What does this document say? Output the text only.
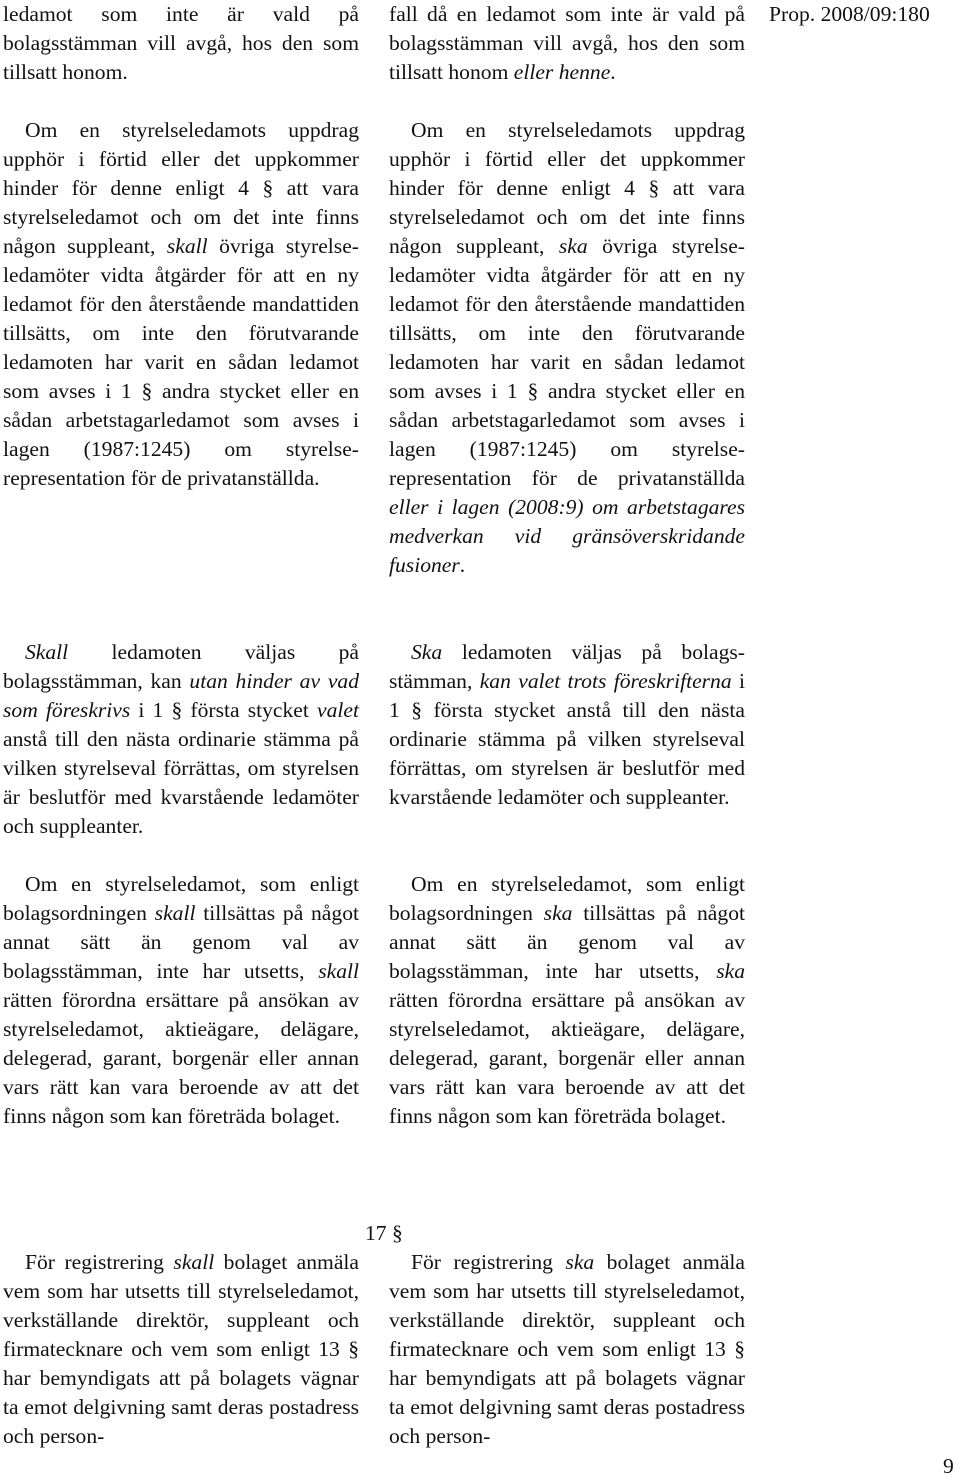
Prop. 2008/09:180

ledamot som inte är vald på bolagsstämman vill avgå, hos den som tillsatt honom.

Om en styrelseledamots uppdrag upphör i förtid eller det uppkommer hinder för denne enligt 4 § att vara styrelseledamot och om det inte finns någon suppleant, skall övriga styrelseledamöter vidta åtgärder för att en ny ledamot för den återstående mandattiden tillsätts, om inte den förutvarande ledamoten har varit en sådan ledamot som avses i 1 § andra stycket eller en sådan arbetstagarledamot som avses i lagen (1987:1245) om styrelserepresentation för de privatanställda.

Skall ledamoten väljas på bolagsstämman, kan utan hinder av vad som föreskrivs i 1 § första stycket valet anstå till den nästa ordinarie stämma på vilken styrelseval förrättas, om styrelsen är beslutför med kvarstående ledamöter och suppleanter.

Om en styrelseledamot, som enligt bolagsordningen skall tillsättas på något annat sätt än genom val av bolagsstämman, inte har utsetts, skall rätten förordna ersättare på ansökan av styrelseledamot, aktieägare, delägare, delegerad, garant, borgenär eller annan vars rätt kan vara beroende av att det finns någon som kan företräda bolaget.

För registrering skall bolaget anmäla vem som har utsetts till styrelseledamot, verkställande direktör, suppleant och firmatecknare och vem som enligt 13 § har bemyndigats att på bolagets vägnar ta emot delgivning samt deras postadress och person-

fall då en ledamot som inte är vald på bolagsstämman vill avgå, hos den som tillsatt honom eller henne.

Om en styrelseledamots uppdrag upphör i förtid eller det uppkommer hinder för denne enligt 4 § att vara styrelseledamot och om det inte finns någon suppleant, ska övriga styrelseledamöter vidta åtgärder för att en ny ledamot för den återstående mandattiden tillsätts, om inte den förutvarande ledamoten har varit en sådan ledamot som avses i 1 § andra stycket eller en sådan arbetstagarledamot som avses i lagen (1987:1245) om styrelserepresentation för de privatanställda eller i lagen (2008:9) om arbetstagares medverkan vid gränsöverskridande fusioner.

Ska ledamoten väljas på bolagsstämman, kan valet trots föreskrifterna i 1 § första stycket anstå till den nästa ordinarie stämma på vilken styrelseval förrättas, om styrelsen är beslutför med kvarstående ledamöter och suppleanter.

Om en styrelseledamot, som enligt bolagsordningen ska tillsättas på något annat sätt än genom val av bolagsstämman, inte har utsetts, ska rätten förordna ersättare på ansökan av styrelseledamot, aktieägare, delägare, delegerad, garant, borgenär eller annan vars rätt kan vara beroende av att det finns någon som kan företräda bolaget.

För registrering ska bolaget anmäla vem som har utsetts till styrelseledamot, verkställande direktör, suppleant och firmatecknare och vem som enligt 13 § har bemyndigats att på bolagets vägnar ta emot delgivning samt deras postadress och person-

17 §
9
